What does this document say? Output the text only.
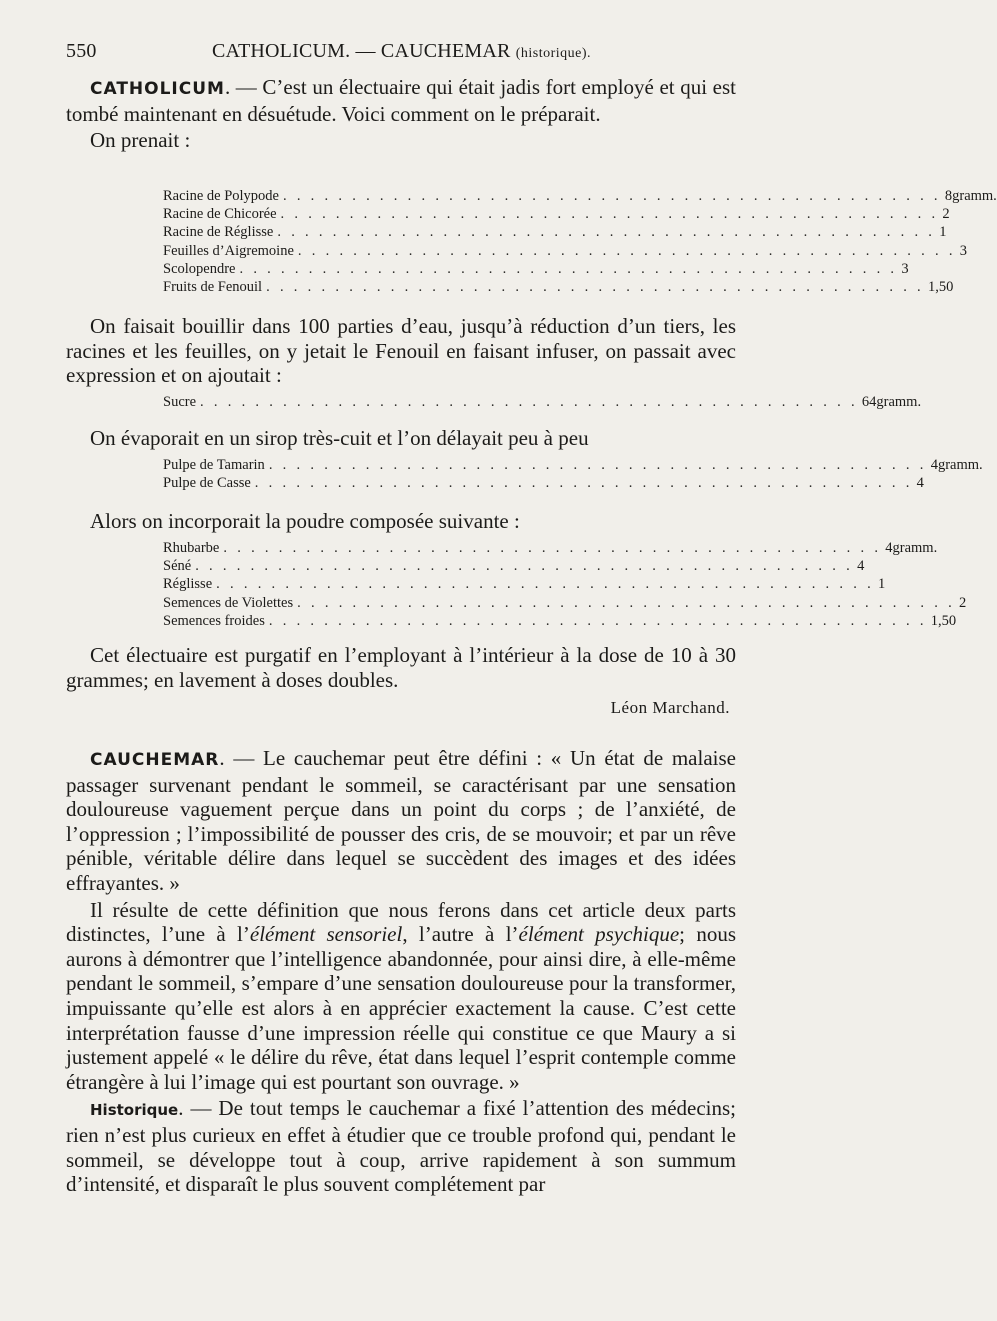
550	CATHOLICUM. — CAUCHEMAR (historique).

CATHOLICUM. — C’est un électuaire qui était jadis fort employé et qui est tombé maintenant en désuétude. Voici comment on le préparait.

On prenait :

Racine de Polypode . . . . . . . . . . . . . . . . . . . . . . . . . . . . . . . . . . . . . . . . . . . . . . . . 8 gramm.
Racine de Chicorée . . . . . . . . . . . . . . . . . . . . . . . . . . . . . . . . . . . . . . . . . . . . . . . . 2
Racine de Réglisse . . . . . . . . . . . . . . . . . . . . . . . . . . . . . . . . . . . . . . . . . . . . . . . . 1
Feuilles d’Aigremoine . . . . . . . . . . . . . . . . . . . . . . . . . . . . . . . . . . . . . . . . . . . . . . . . 3
Scolopendre . . . . . . . . . . . . . . . . . . . . . . . . . . . . . . . . . . . . . . . . . . . . . . . . 3
Fruits de Fenouil . . . . . . . . . . . . . . . . . . . . . . . . . . . . . . . . . . . . . . . . . . . . . . . . 1,50

On faisait bouillir dans 100 parties d’eau, jusqu’à réduction d’un tiers, les racines et les feuilles, on y jetait le Fenouil en faisant infuser, on passait avec expression et on ajoutait :

Sucre . . . . . . . . . . . . . . . . . . . . . . . . . . . . . . . . . . . . . . . . . . . . . . . . 64 gramm.

On évaporait en un sirop très-cuit et l’on délayait peu à peu

Pulpe de Tamarin . . . . . . . . . . . . . . . . . . . . . . . . . . . . . . . . . . . . . . . . . . . . . . . . 4 gramm.
Pulpe de Casse . . . . . . . . . . . . . . . . . . . . . . . . . . . . . . . . . . . . . . . . . . . . . . . . 4

Alors on incorporait la poudre composée suivante :

Rhubarbe . . . . . . . . . . . . . . . . . . . . . . . . . . . . . . . . . . . . . . . . . . . . . . . . 4 gramm.
Séné . . . . . . . . . . . . . . . . . . . . . . . . . . . . . . . . . . . . . . . . . . . . . . . . 4
Réglisse . . . . . . . . . . . . . . . . . . . . . . . . . . . . . . . . . . . . . . . . . . . . . . . . 1
Semences de Violettes . . . . . . . . . . . . . . . . . . . . . . . . . . . . . . . . . . . . . . . . . . . . . . . . 2
Semences froides . . . . . . . . . . . . . . . . . . . . . . . . . . . . . . . . . . . . . . . . . . . . . . . . 1,50

Cet électuaire est purgatif en l’employant à l’intérieur à la dose de 10 à 30 grammes; en lavement à doses doubles.

Léon Marchand.

CAUCHEMAR. — Le cauchemar peut être défini : « Un état de malaise passager survenant pendant le sommeil, se caractérisant par une sensation douloureuse vaguement perçue dans un point du corps ; de l’anxiété, de l’oppression ; l’impossibilité de pousser des cris, de se mouvoir; et par un rêve pénible, véritable délire dans lequel se succèdent des images et des idées effrayantes. »

Il résulte de cette définition que nous ferons dans cet article deux parts distinctes, l’une à l’élément sensoriel, l’autre à l’élément psychique; nous aurons à démontrer que l’intelligence abandonnée, pour ainsi dire, à elle-même pendant le sommeil, s’empare d’une sensation douloureuse pour la transformer, impuissante qu’elle est alors à en apprécier exactement la cause. C’est cette interprétation fausse d’une impression réelle qui constitue ce que Maury a si justement appelé « le délire du rêve, état dans lequel l’esprit contemple comme étrangère à lui l’image qui est pourtant son ouvrage. »

Historique. — De tout temps le cauchemar a fixé l’attention des médecins; rien n’est plus curieux en effet à étudier que ce trouble profond qui, pendant le sommeil, se développe tout à coup, arrive rapidement à son summum d’intensité, et disparaît le plus souvent complétement par
